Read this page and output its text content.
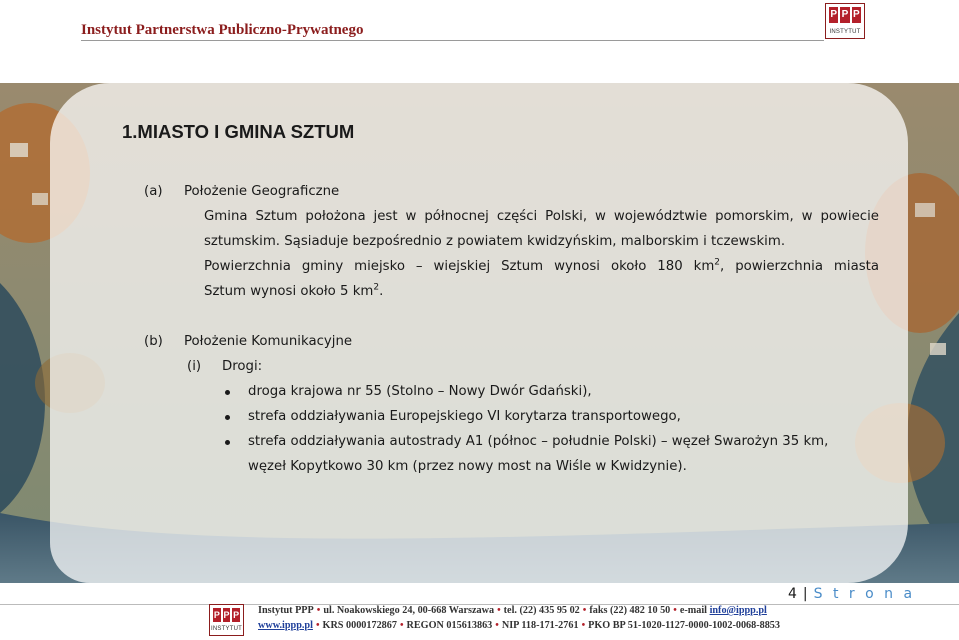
Instytut Partnerstwa Publiczno-Prywatnego
P P P
INSTYTUT
1.MIASTO I GMINA SZTUM
(a) Położenie Geograficzne
Gmina Sztum położona jest w północnej części Polski, w województwie pomorskim, w powiecie
sztumskim. Sąsiaduje bezpośrednio z powiatem kwidzyńskim, malborskim i tczewskim.
Powierzchnia gminy miejsko – wiejskiej Sztum wynosi około 180 $km^2$, powierzchnia miasta
Sztum wynosi około 5 $km^2$.
(b) Położenie Komunikacyjne
(i) Drogi:
droga krajowa nr 55 (Stolno – Nowy Dwór Gdański),
strefa oddziaływania Europejskiego VI korytarza transportowego,
strefa oddziaływania autostrady A1 (północ – południe Polski) – węzeł Swarożyn 35 km,
węzeł Kopytkowo 30 km (przez nowy most na Wiśle w Kwidzynie).
4 | S t r o n a
P P P
INSTYTUT
Instytut PPP • ul. Noakowskiego 24, 00-668 Warszawa • tel. (22) 435 95 02 • faks (22) 482 10 50 • e-mail info@ippp.pl
www.ippp.pl • KRS 0000172867 • REGON 015613863 • NIP 118-171-2761 • PKO BP 51-1020-1127-0000-1002-0068-8853
